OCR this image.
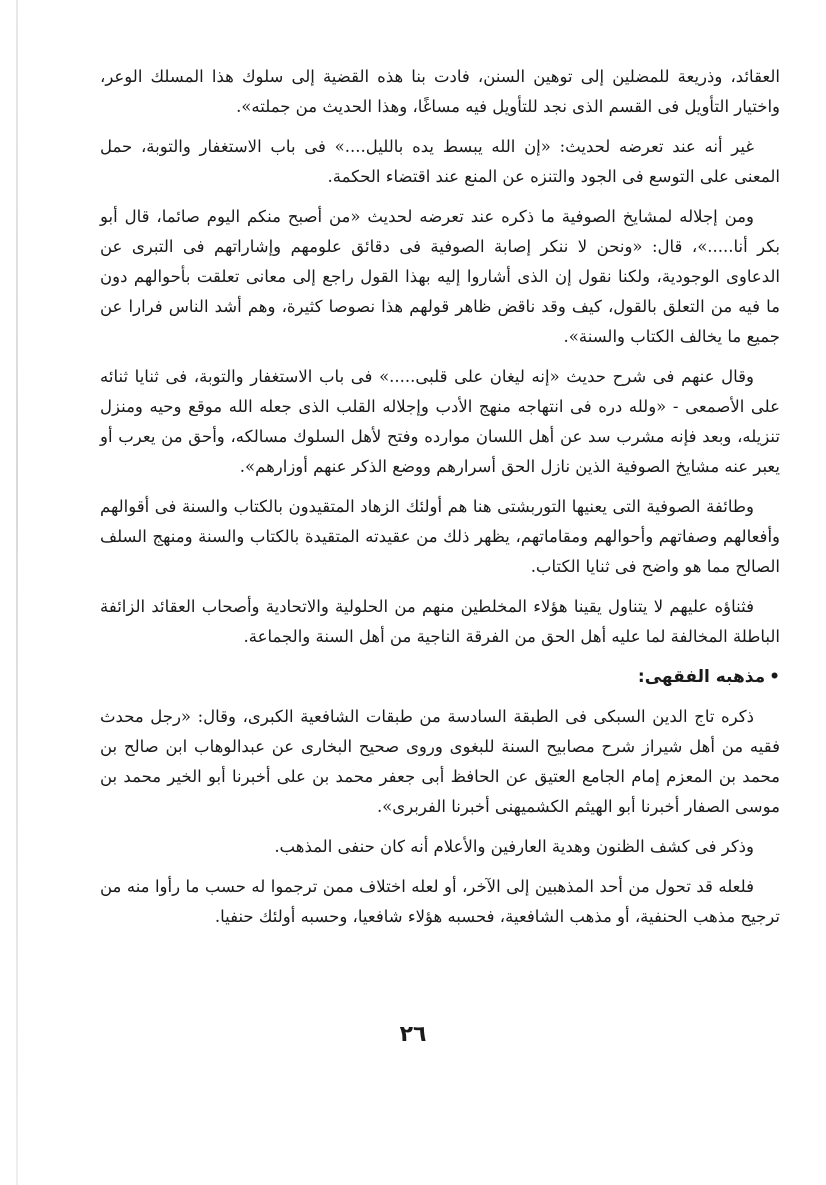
العقائد، وذريعة للمضلين إلى توهين السنن، فادت بنا هذه القضية إلى سلوك هذا المسلك الوعر، واختيار التأويل فى القسم الذى نجد للتأويل فيه مساغًا، وهذا الحديث من جملته».

غير أنه عند تعرضه لحديث: «إن الله يبسط يده بالليل....» فى باب الاستغفار والتوبة، حمل المعنى على التوسع فى الجود والتنزه عن المنع عند اقتضاء الحكمة.

ومن إجلاله لمشايخ الصوفية ما ذكره عند تعرضه لحديث «من أصبح منكم اليوم صائما، قال أبو بكر أنا.....»، قال: «ونحن لا ننكر إصابة الصوفية فى دقائق علومهم وإشاراتهم فى التبرى عن الدعاوى الوجودية، ولكنا نقول إن الذى أشاروا إليه بهذا القول راجع إلى معانى تعلقت بأحوالهم دون ما فيه من التعلق بالقول، كيف وقد ناقض ظاهر قولهم هذا نصوصا كثيرة، وهم أشد الناس فرارا عن جميع ما يخالف الكتاب والسنة».

وقال عنهم فى شرح حديث «إنه ليغان على قلبى.....» فى باب الاستغفار والتوبة، فى ثنايا ثنائه على الأصمعى - «ولله دره فى انتهاجه منهج الأدب وإجلاله القلب الذى جعله الله موقع وحيه ومنزل تنزيله، وبعد فإنه مشرب سد عن أهل اللسان موارده وفتح لأهل السلوك مسالكه، وأحق من يعرب أو يعبر عنه مشايخ الصوفية الذين نازل الحق أسرارهم ووضع الذكر عنهم أوزارهم».

وطائفة الصوفية التى يعنيها التوربشتى هنا هم أولئك الزهاد المتقيدون بالكتاب والسنة فى أقوالهم وأفعالهم وصفاتهم وأحوالهم ومقاماتهم، يظهر ذلك من عقيدته المتقيدة بالكتاب والسنة ومنهج السلف الصالح مما هو واضح فى ثنايا الكتاب.

فثناؤه عليهم لا يتناول يقينا هؤلاء المخلطين منهم من الحلولية والاتحادية وأصحاب العقائد الزائفة الباطلة المخالفة لما عليه أهل الحق من الفرقة الناجية من أهل السنة والجماعة.

•مذهبه الفقهى:

ذكره تاج الدين السبكى فى الطبقة السادسة من طبقات الشافعية الكبرى، وقال: «رجل محدث فقيه من أهل شيراز شرح مصابيح السنة للبغوى وروى صحيح البخارى عن عبدالوهاب ابن صالح بن محمد بن المعزم إمام الجامع العتيق عن الحافظ أبى جعفر محمد بن على أخبرنا أبو الخير محمد بن موسى الصفار أخبرنا أبو الهيثم الكشميهنى أخبرنا الفربرى».

وذكر فى كشف الظنون وهدية العارفين والأعلام أنه كان حنفى المذهب.

فلعله قد تحول من أحد المذهبين إلى الآخر، أو لعله اختلاف ممن ترجموا له حسب ما رأوا منه من ترجيح مذهب الحنفية، أو مذهب الشافعية، فحسبه هؤلاء شافعيا، وحسبه أولئك حنفيا.

٢٦
